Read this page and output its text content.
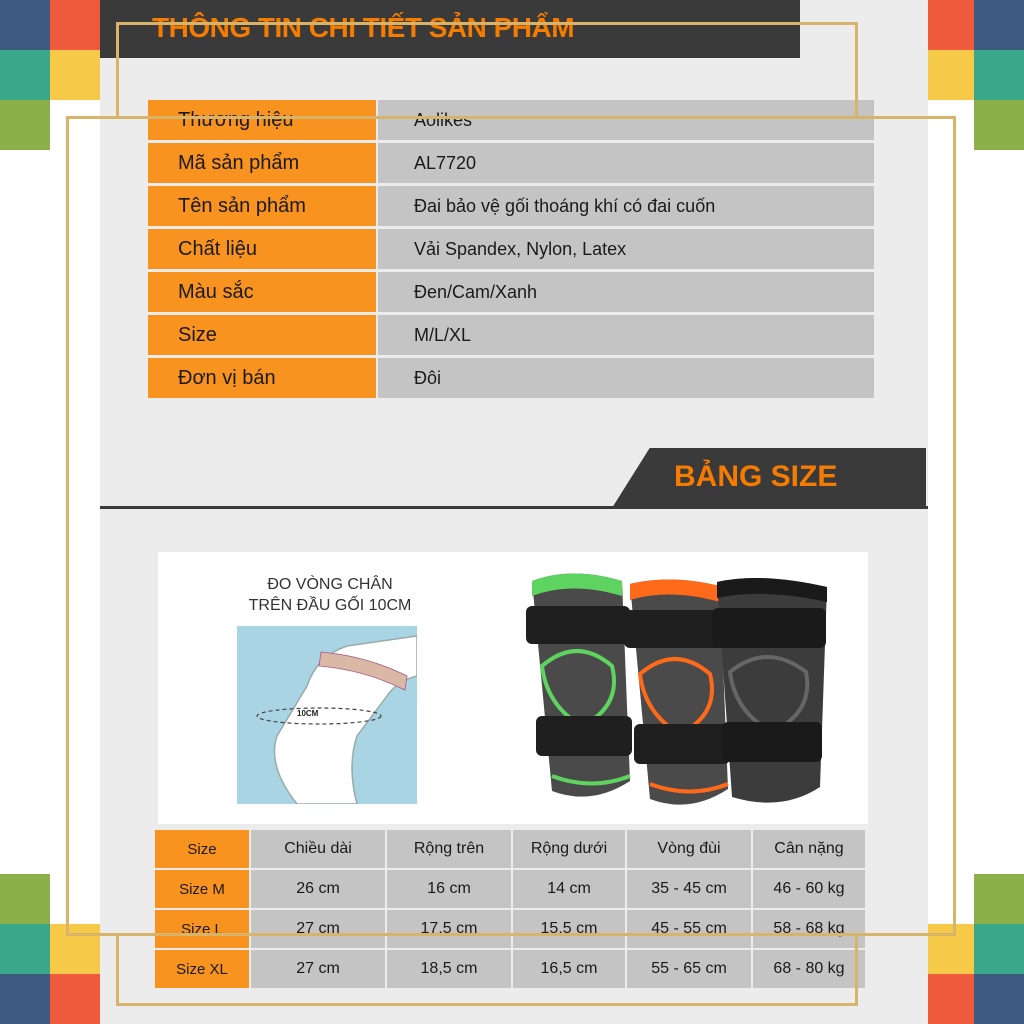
THÔNG TIN CHI TIẾT SẢN PHẨM
Thương hiệu	Aolikes
Mã sản phẩm	AL7720
Tên sản phẩm	Đai bảo vệ gối thoáng khí có đai cuốn
Chất liệu	Vải Spandex, Nylon, Latex
Màu sắc	Đen/Cam/Xanh
Size	M/L/XL
Đơn vị bán	Đôi
BẢNG SIZE
ĐO VÒNG CHÂN
TRÊN ĐẦU GỐI 10CM
10CM
Size	Chiều dài	Rộng trên	Rộng dưới	Vòng đùi	Cân nặng
Size M	26 cm	16 cm	14 cm	35 - 45 cm	46 - 60 kg
Size L	27 cm	17,5 cm	15,5 cm	45 - 55 cm	58 - 68 kg
Size XL	27 cm	18,5 cm	16,5 cm	55 - 65 cm	68 - 80 kg
